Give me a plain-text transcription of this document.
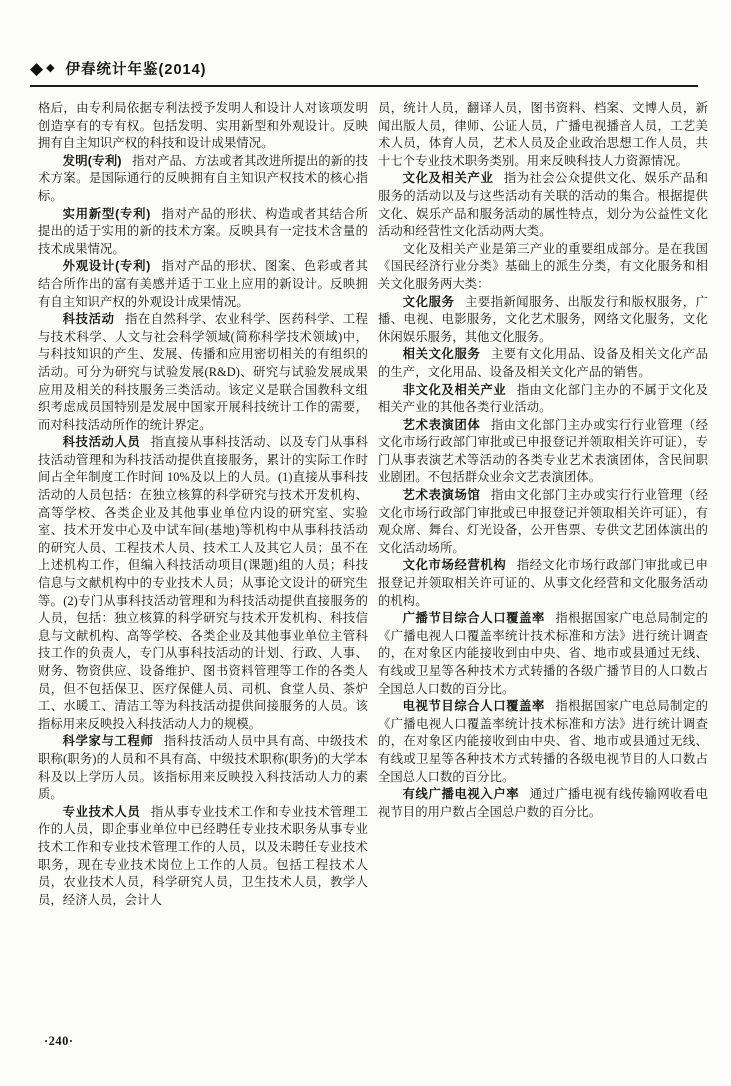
◆ ◆ 伊春统计年鉴(2014)

格后，由专利局依据专利法授予发明人和设计人对该项发明创造享有的专有权。包括发明、实用新型和外观设计。反映拥有自主知识产权的科技和设计成果情况。

发明(专利) 指对产品、方法或者其改进所提出的新的技术方案。是国际通行的反映拥有自主知识产权技术的核心指标。

实用新型(专利) 指对产品的形状、构造或者其结合所提出的适于实用的新的技术方案。反映具有一定技术含量的技术成果情况。

外观设计(专利) 指对产品的形状、图案、色彩或者其结合所作出的富有美感并适于工业上应用的新设计。反映拥有自主知识产权的外观设计成果情况。

科技活动 指在自然科学、农业科学、医药科学、工程与技术科学、人文与社会科学领域(简称科学技术领域)中，与科技知识的产生、发展、传播和应用密切相关的有组织的活动。可分为研究与试验发展(R&D)、研究与试验发展成果应用及相关的科技服务三类活动。该定义是联合国教科文组织考虑成员国特别是发展中国家开展科技统计工作的需要，而对科技活动所作的统计界定。

科技活动人员 指直接从事科技活动、以及专门从事科技活动管理和为科技活动提供直接服务，累计的实际工作时间占全年制度工作时间 10%及以上的人员。(1)直接从事科技活动的人员包括：在独立核算的科学研究与技术开发机构、高等学校、各类企业及其他事业单位内设的研究室、实验室、技术开发中心及中试车间(基地)等机构中从事科技活动的研究人员、工程技术人员、技术工人及其它人员；虽不在上述机构工作，但编入科技活动项目(课题)组的人员；科技信息与文献机构中的专业技术人员；从事论文设计的研究生等。(2)专门从事科技活动管理和为科技活动提供直接服务的人员，包括：独立核算的科学研究与技术开发机构、科技信息与文献机构、高等学校、各类企业及其他事业单位主管科技工作的负责人，专门从事科技活动的计划、行政、人事、财务、物资供应、设备维护、图书资料管理等工作的各类人员，但不包括保卫、医疗保健人员、司机、食堂人员、茶炉工、水暖工、清洁工等为科技活动提供间接服务的人员。该指标用来反映投入科技活动人力的规模。

科学家与工程师 指科技活动人员中具有高、中级技术职称(职务)的人员和不具有高、中级技术职称(职务)的大学本科及以上学历人员。该指标用来反映投入科技活动人力的素质。

专业技术人员 指从事专业技术工作和专业技术管理工作的人员，即企事业单位中已经聘任专业技术职务从事专业技术工作和专业技术管理工作的人员，以及未聘任专业技术职务，现在专业技术岗位上工作的人员。包括工程技术人员，农业技术人员，科学研究人员，卫生技术人员，教学人员，经济人员，会计人

员，统计人员，翻译人员，图书资料、档案、文博人员，新闻出版人员，律师、公证人员，广播电视播音人员，工艺美术人员，体育人员，艺术人员及企业政治思想工作人员，共十七个专业技术职务类别。用来反映科技人力资源情况。

文化及相关产业 指为社会公众提供文化、娱乐产品和服务的活动以及与这些活动有关联的活动的集合。根据提供文化、娱乐产品和服务活动的属性特点，划分为公益性文化活动和经营性文化活动两大类。

文化及相关产业是第三产业的重要组成部分。是在我国《国民经济行业分类》基础上的派生分类，有文化服务和相关文化服务两大类：

文化服务 主要指新闻服务、出版发行和版权服务，广播、电视、电影服务，文化艺术服务，网络文化服务，文化休闲娱乐服务，其他文化服务。

相关文化服务 主要有文化用品、设备及相关文化产品的生产，文化用品、设备及相关文化产品的销售。

非文化及相关产业 指由文化部门主办的不属于文化及相关产业的其他各类行业活动。

艺术表演团体 指由文化部门主办或实行行业管理（经文化市场行政部门审批或已申报登记并领取相关许可证），专门从事表演艺术等活动的各类专业艺术表演团体，含民间职业剧团。不包括群众业余文艺表演团体。

艺术表演场馆 指由文化部门主办或实行行业管理（经文化市场行政部门审批或已申报登记并领取相关许可证），有观众席、舞台、灯光设备，公开售票、专供文艺团体演出的文化活动场所。

文化市场经营机构 指经文化市场行政部门审批或已申报登记并领取相关许可证的、从事文化经营和文化服务活动的机构。

广播节目综合人口覆盖率 指根据国家广电总局制定的《广播电视人口覆盖率统计技术标准和方法》进行统计调查的，在对象区内能接收到由中央、省、地市或县通过无线、有线或卫星等各种技术方式转播的各级广播节目的人口数占全国总人口数的百分比。

电视节目综合人口覆盖率 指根据国家广电总局制定的《广播电视人口覆盖率统计技术标准和方法》进行统计调查的，在对象区内能接收到由中央、省、地市或县通过无线、有线或卫星等各种技术方式转播的各级电视节目的人口数占全国总人口数的百分比。

有线广播电视入户率 通过广播电视有线传输网收看电视节目的用户数占全国总户数的百分比。

·240·
